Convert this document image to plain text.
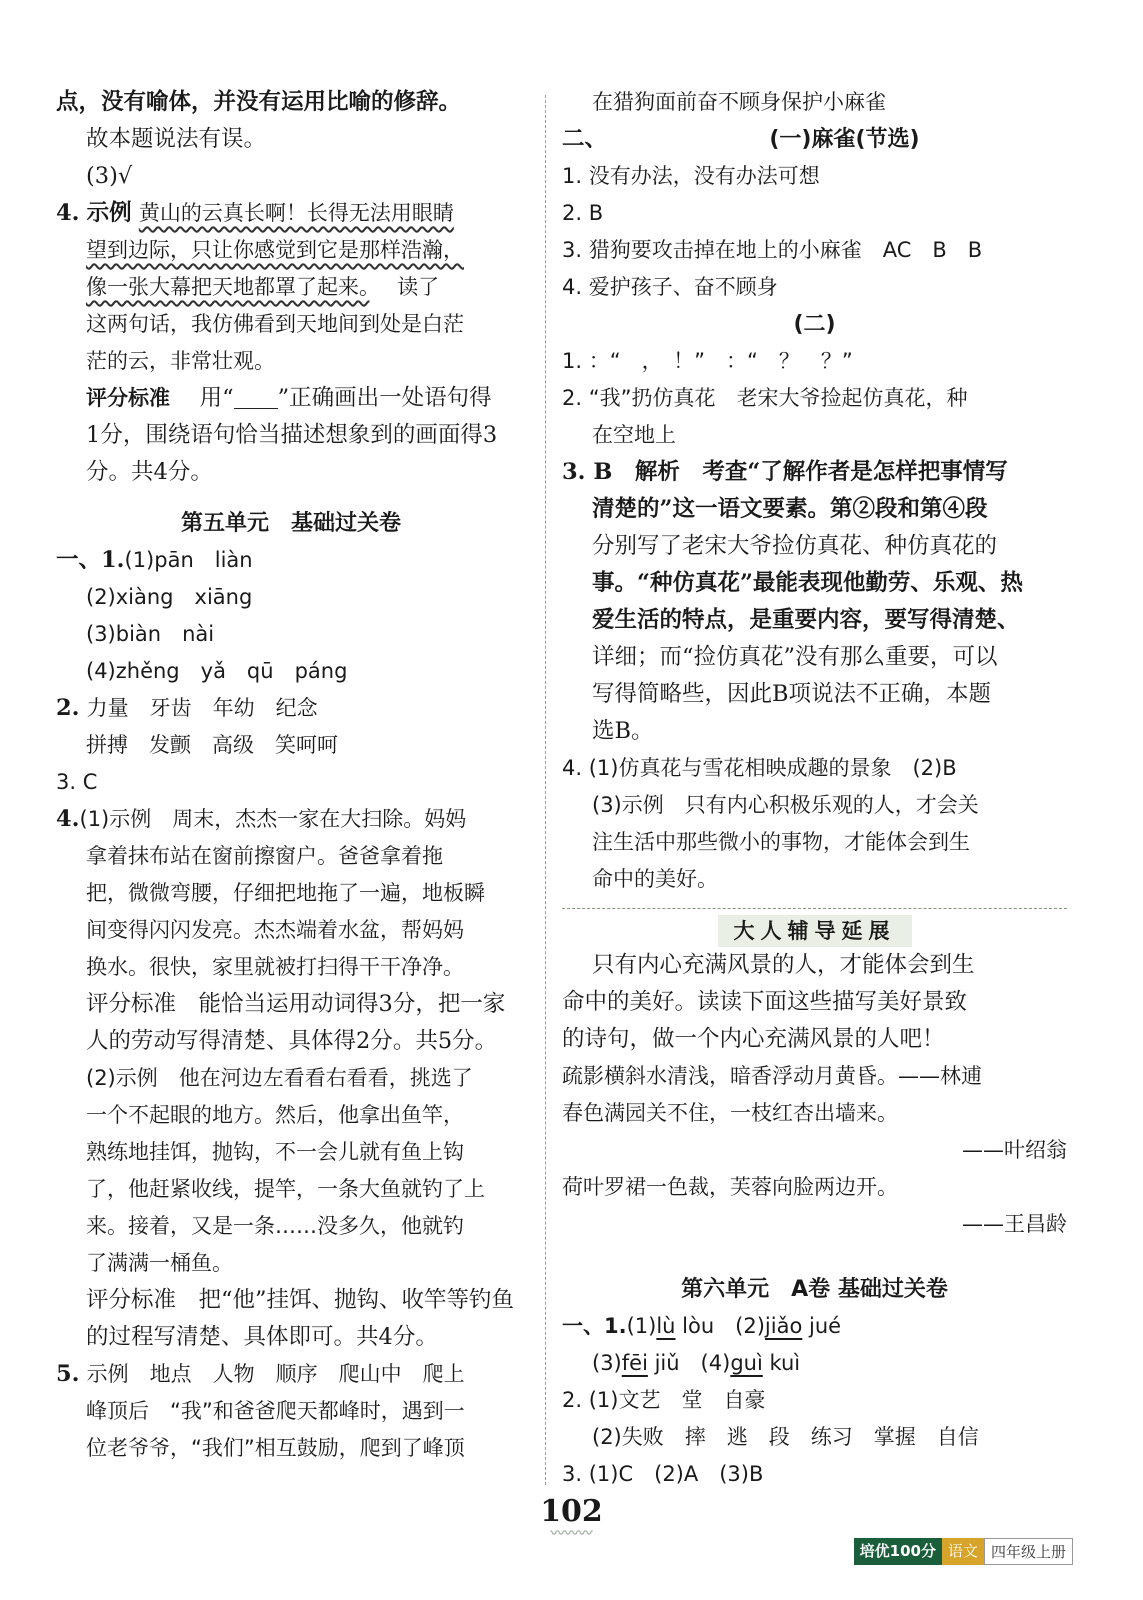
点，没有喻体，并没有运用比喻的修辞。
故本题说法有误。
(3)√
4. 示例 黄山的云真长啊！长得无法用眼睛
望到边际，只让你感觉到它是那样浩瀚，
像一张大幕把天地都罩了起来。　 读了
这两句话，我仿佛看到天地间到处是白茫
茫的云，非常壮观。
评分标准　 用“ ”正确画出一处语句得
1分，围绕语句恰当描述想象到的画面得3
分。共4分。
第五单元　基础过关卷
一、1.(1)pān　liàn
(2)xiàng　xiāng
(3)biàn　nài
(4)zhěng　yǎ　qū　páng
2. 力量　牙齿　年幼　纪念
拼搏　发颤　高级　笑呵呵
3. C
4.(1)示例　周末，杰杰一家在大扫除。妈妈
拿着抹布站在窗前擦窗户。爸爸拿着拖
把，微微弯腰，仔细把地拖了一遍，地板瞬
间变得闪闪发亮。杰杰端着水盆，帮妈妈
换水。很快，家里就被打扫得干干净净。
评分标准　能恰当运用动词得3分，把一家
人的劳动写得清楚、具体得2分。共5分。
(2)示例　他在河边左看看右看看，挑选了
一个不起眼的地方。然后，他拿出鱼竿，
熟练地挂饵，抛钩，不一会儿就有鱼上钩
了，他赶紧收线，提竿，一条大鱼就钓了上
来。接着，又是一条……没多久，他就钓
了满满一桶鱼。
评分标准　把“他”挂饵、抛钩、收竿等钓鱼
的过程写清楚、具体即可。共4分。
5. 示例　地点　人物　顺序　爬山中　爬上
峰顶后　“我”和爸爸爬天都峰时，遇到一
位老爷爷，“我们”相互鼓励，爬到了峰顶
在猎狗面前奋不顾身保护小麻雀
二、	(一)麻雀(节选)
1. 没有办法，没有办法可想
2. B
3. 猎狗要攻击掉在地上的小麻雀　AC　B　B
4. 爱护孩子、奋不顾身
(二)
1. ：“　，　！”　：“　？　？”
2. “我”扔仿真花　老宋大爷捡起仿真花，种
在空地上
3. B　解析　考查“了解作者是怎样把事情写
清楚的”这一语文要素。第②段和第④段
分别写了老宋大爷捡仿真花、种仿真花的
事。“种仿真花”最能表现他勤劳、乐观、热
爱生活的特点，是重要内容，要写得清楚、
详细；而“捡仿真花”没有那么重要，可以
写得简略些，因此B项说法不正确，本题
选B。
4. (1)仿真花与雪花相映成趣的景象　(2)B
(3)示例　只有内心积极乐观的人，才会关
注生活中那些微小的事物，才能体会到生
命中的美好。
大人辅导延展
只有内心充满风景的人，才能体会到生
命中的美好。读读下面这些描写美好景致
的诗句，做一个内心充满风景的人吧！
疏影横斜水清浅，暗香浮动月黄昏。——林逋
春色满园关不住，一枝红杏出墙来。
——叶绍翁
荷叶罗裙一色裁，芙蓉向脸两边开。
——王昌龄
第六单元　A卷 基础过关卷
一、1.(1)lù lòu　(2)jiǎo jué
(3)fēi jiǔ　(4)guì kuì
2. (1)文艺　堂　自豪
(2)失败　摔　逃　段　练习　掌握　自信
3. (1)C　(2)A　(3)B
102
〰〰〰
培优100分 语文 四年级上册
